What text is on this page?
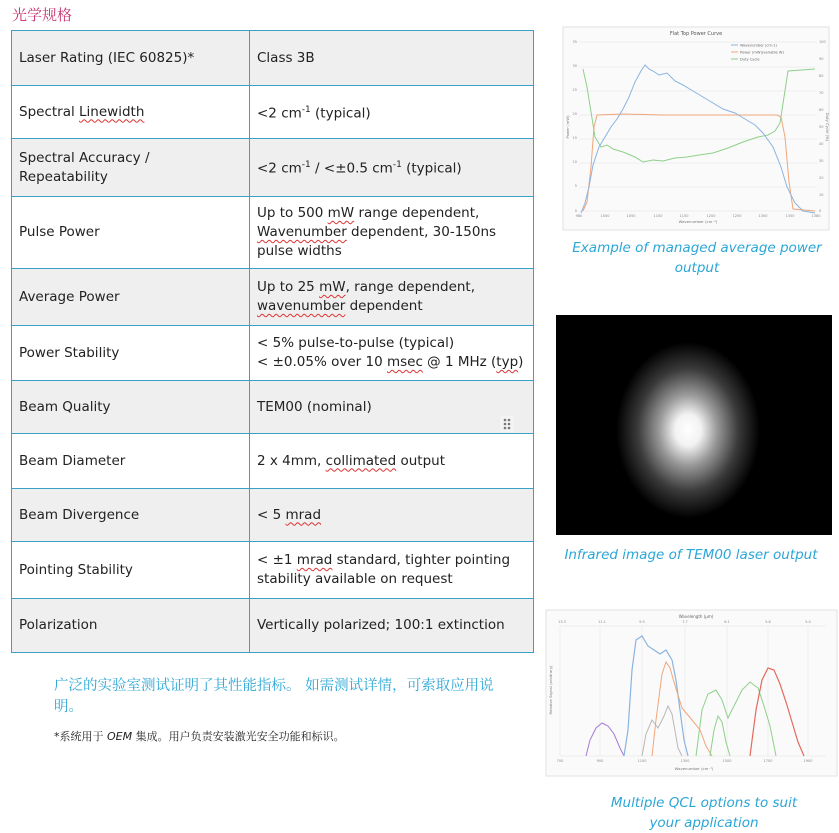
光学规格
Laser Rating (IEC 60825)*	Class 3B
Spectral Linewidth	<2 $cm^{-1}$ (typical)
Spectral Accuracy / Repeatability	<2 $cm^{-1} / <\pm 0.5$ $cm^{-1}$ (typical)
Pulse Power	Up to 500 mW range dependent,
Wavenumber dependent, 30-150ns
pulse widths
Average Power	Up to 25 mW, range dependent,
wavenumber dependent
Power Stability	< 5% pulse-to-pulse (typical)
< ±0.05% over 10 msec @ 1 MHz (typ)
Beam Quality	TEM00 (nominal)
Beam Diameter	2 x 4mm, collimated output
Beam Divergence	< 5 mrad
Pointing Stability	< ±1 mrad standard, tighter pointing
stability available on request
Polarization	Vertically polarized; 100:1 extinction
广泛的实验室测试证明了其性能指标。 如需测试详情，可索取应用说明。
*系统用于 OEM 集成。用户负责安装激光安全功能和标识。
Flat Top Power Curve
35
30
25
20
15
10
5
0
100
90
80
70
60
50
40
30
20
10
0
980	1000	1050	1100	1150	1200	1250	1300	1350	1380
Wavenumber (cm⁻¹)
Power (mW)	Duty Cycle (%)
Wavenumber (cm-1)
Power (mW)(variable W)
Duty Cycle
Example of managed average power output
Infrared image of TEM00 laser output
Wavelength (µm)
13.3	11.1	9.5	7.7	6.1	5.6	5.0
700	900	1100	1300	1500	1700	1900
Wavenumber (cm⁻¹)
Relative Signal (arbitrary)
Multiple QCL options to suit your application
